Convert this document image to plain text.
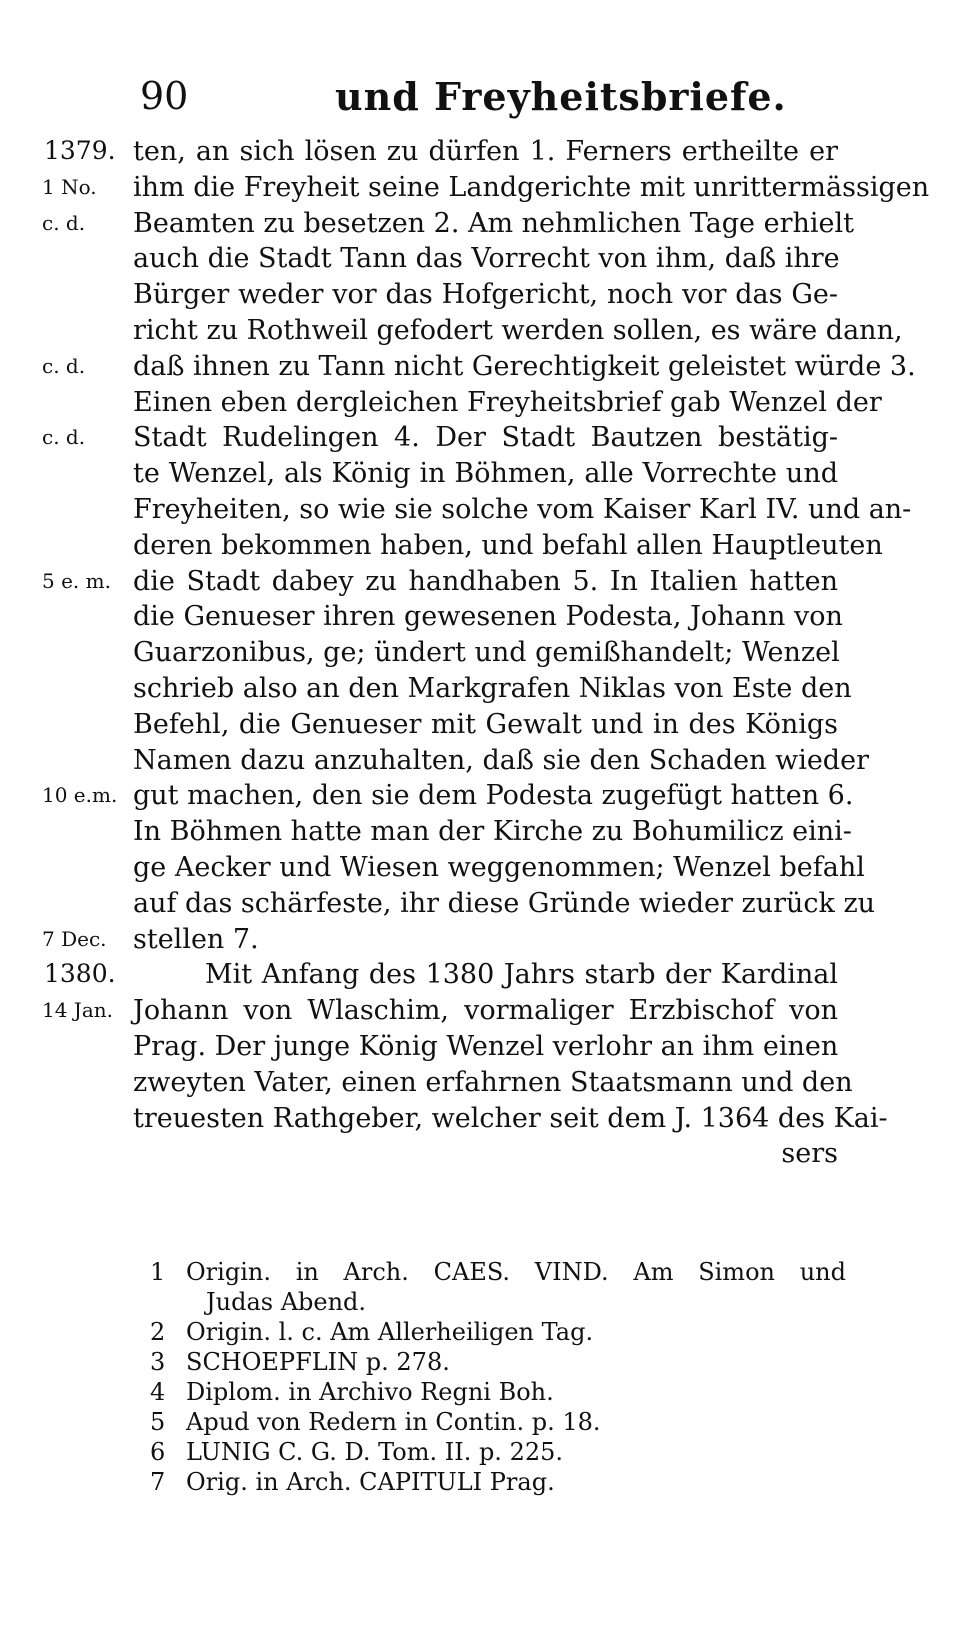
90	und Freyheitsbriefe.
1379. ten, an sich lösen zu dürfen 1. Ferners ertheilte er
1 No.	ihm die Freyheit seine Landgerichte mit unrittermässigen
c. d.	Beamten zu besetzen 2. Am nehmlichen Tage erhielt
auch die Stadt Tann das Vorrecht von ihm, daß ihre
Bürger weder vor das Hofgericht, noch vor das Ge-
richt zu Rothweil gefodert werden sollen, es wäre dann,
c. d.	daß ihnen zu Tann nicht Gerechtigkeit geleistet würde 3.
Einen eben dergleichen Freyheitsbrief gab Wenzel der
c. d.	Stadt Rudelingen 4. Der Stadt Bautzen bestätig-
te Wenzel, als König in Böhmen, alle Vorrechte und
Freyheiten, so wie sie solche vom Kaiser Karl IV. und an-
deren bekommen haben, und befahl allen Hauptleuten
5 e. m. die Stadt dabey zu handhaben 5. In Italien hatten
die Genueser ihren gewesenen Podesta, Johann von
Guarzonibus, ge; ündert und gemißhandelt; Wenzel
schrieb also an den Markgrafen Niklas von Este den
Befehl, die Genueser mit Gewalt und in des Königs
Namen dazu anzuhalten, daß sie den Schaden wieder
10 e.m. gut machen, den sie dem Podesta zugefügt hatten 6.
In Böhmen hatte man der Kirche zu Bohumilicz eini-
ge Aecker und Wiesen weggenommen; Wenzel befahl
auf das schärfeste, ihr diese Gründe wieder zurück zu
7 Dec. stellen 7.
1380.	Mit Anfang des 1380 Jahrs starb der Kardinal
14 Jan. Johann von Wlaschim, vormaliger Erzbischof von
Prag. Der junge König Wenzel verlohr an ihm einen
zweyten Vater, einen erfahrnen Staatsmann und den
treuesten Rathgeber, welcher seit dem J. 1364 des Kai-
sers
1 Origin. in Arch. CAES. VIND. Am Simon und
Judas Abend.
2 Origin. l. c. Am Allerheiligen Tag.
3 SCHOEPFLIN p. 278.
4 Diplom. in Archivo Regni Boh.
5 Apud von Redern in Contin. p. 18.
6 LUNIG C. G. D. Tom. II. p. 225.
7 Orig. in Arch. CAPITULI Prag.
